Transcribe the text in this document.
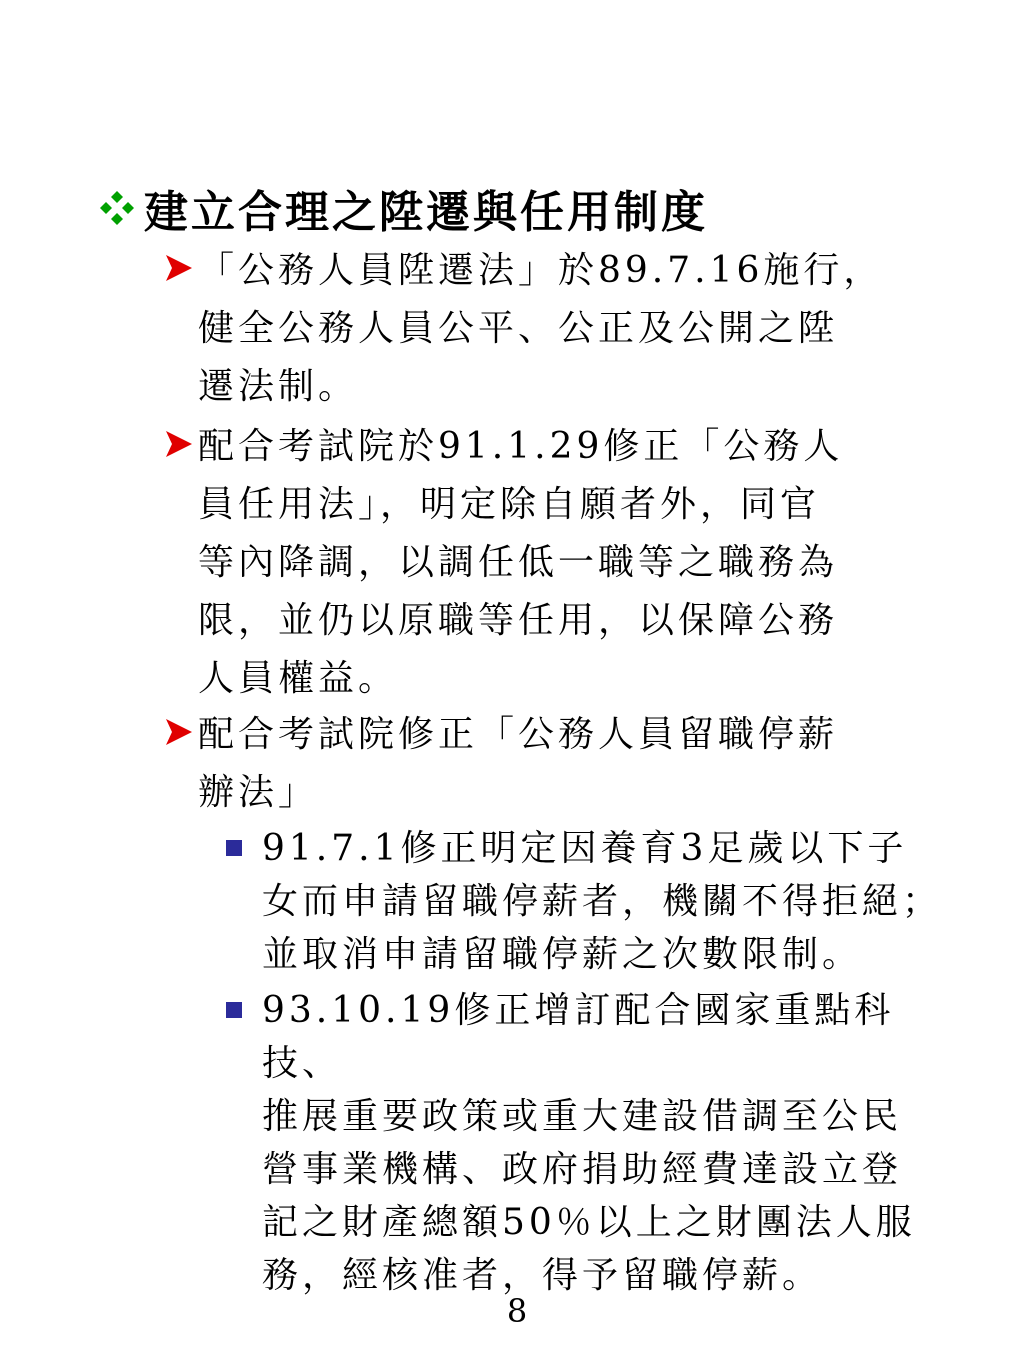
建立合理之陞遷與任用制度
「公務人員陞遷法」於89.7.16施行，
健全公務人員公平、公正及公開之陞
遷法制。
配合考試院於91.1.29修正「公務人
員任用法」，明定除自願者外，同官
等內降調，以調任低一職等之職務為
限，並仍以原職等任用，以保障公務
人員權益。
配合考試院修正「公務人員留職停薪
辦法」
91.7.1修正明定因養育3足歲以下子
女而申請留職停薪者，機關不得拒絕；
並取消申請留職停薪之次數限制。
93.10.19修正增訂配合國家重點科技、
推展重要政策或重大建設借調至公民
營事業機構、政府捐助經費達設立登
記之財產總額50％以上之財團法人服
務，經核准者，得予留職停薪。
8
